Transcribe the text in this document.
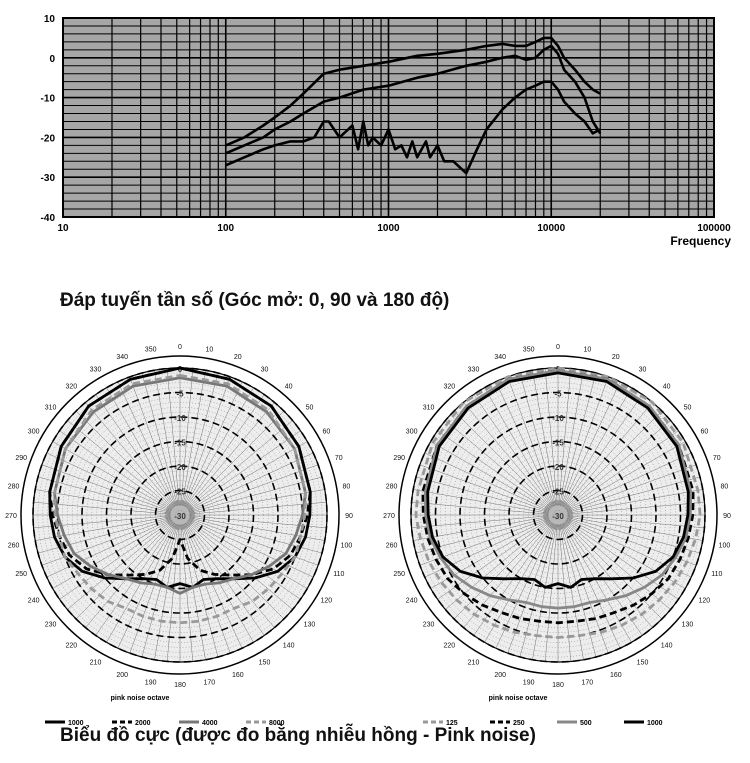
10
0
-10
-20
-30
-40
10	100	1000	10000	100000
Frequency
Đáp tuyến tần số (Góc mở: 0, 90 và 180 độ)
0
-5
-10
-15
-20
-25
-30
0	10
20
30
40
50
60
70
80
90
100
110
120
130
140
150
160
170
180
190
200
210
220
230
240
250
260
270
280
290
300
310
320
330
340
350
pink noise octave
1000	2000	4000	8000
0
-5
-10
-15
-20
-25
-30
0	10
20
30
40
50
60
70
80
90
100
110
120
130
140
150
160
170
180
190
200
210
220
230
240
250
260
270
280
290
300
310
320
330
340
350
pink noise octave
125	250	500	1000
Biểu đồ cực (được đo bằng nhiễu hồng - Pink noise)
